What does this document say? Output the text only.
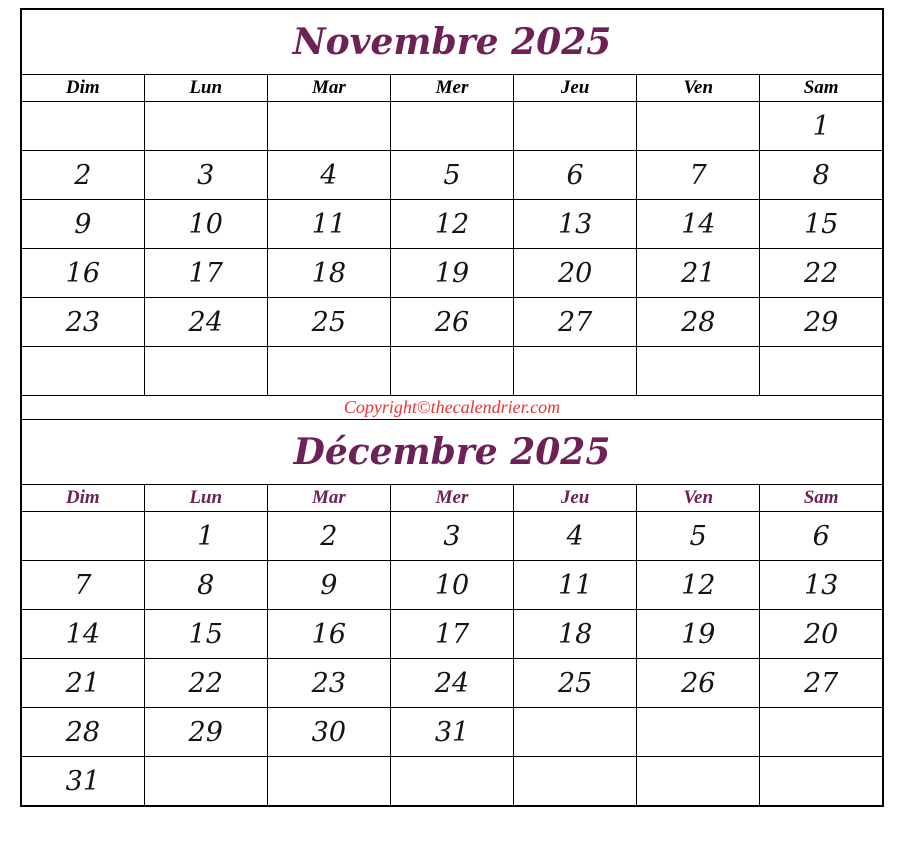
Novembre 2025						
Dim	Lun	Mar	Mer	Jeu	Ven	Sam
						1
2	3	4	5	6	7	8
9	10	11	12	13	14	15
16	17	18	19	20	21	22
23	24	25	26	27	28	29

Copyright©thecalendrier.com						
Décembre 2025						
Dim	Lun	Mar	Mer	Jeu	Ven	Sam
	1	2	3	4	5	6
7	8	9	10	11	12	13
14	15	16	17	18	19	20
21	22	23	24	25	26	27
28	29	30	31			
31						
